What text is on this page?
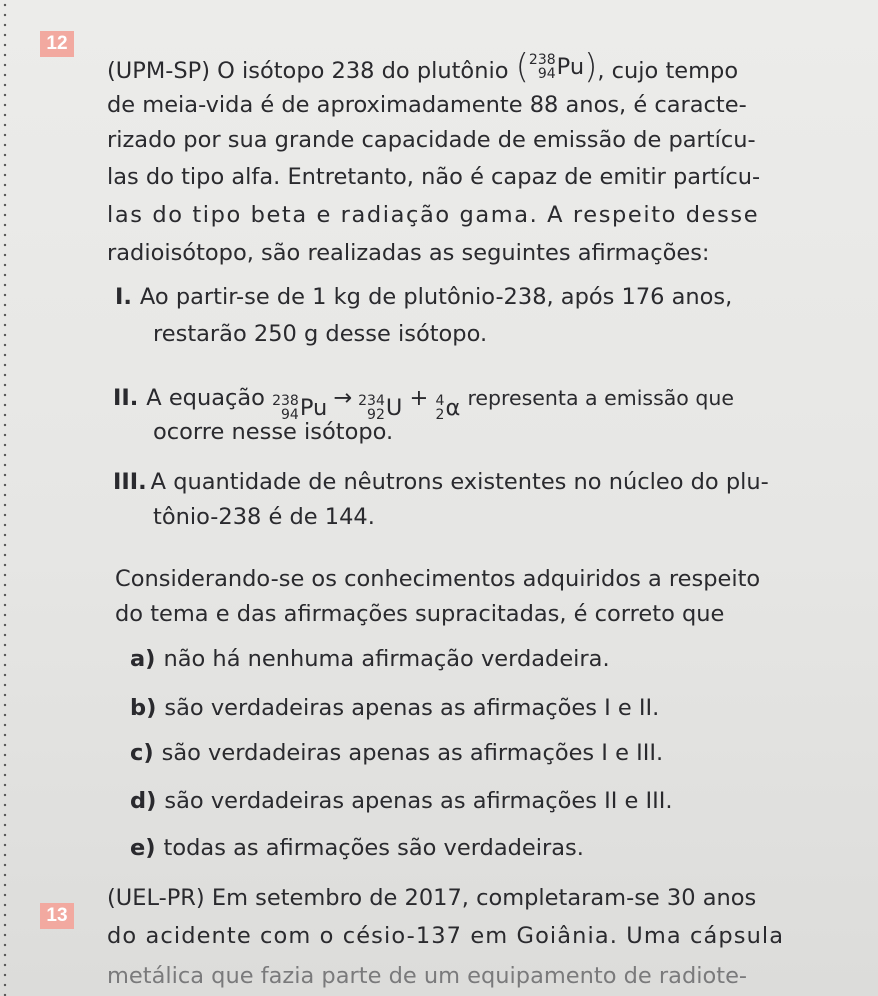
12
(UPM-SP) O isótopo 238 do plutônio ( 238
94 Pu ) , cujo tempo
de meia-vida é de aproximadamente 88 anos, é caracte-
rizado por sua grande capacidade de emissão de partícu-
las do tipo alfa. Entretanto, não é capaz de emitir partícu-
las do tipo beta e radiação gama. A respeito desse
radioisótopo, são realizadas as seguintes afirmações:
I. Ao partir-se de 1 kg de plutônio-238, após 176 anos,
restarão 250 g desse isótopo.
II. A equação 238
94 Pu → 234
92 U + 4
2 α representa a emissão que
ocorre nesse isótopo.
III. A quantidade de nêutrons existentes no núcleo do plu-
tônio-238 é de 144.
Considerando-se os conhecimentos adquiridos a respeito
do tema e das afirmações supracitadas, é correto que
a) não há nenhuma afirmação verdadeira.
b) são verdadeiras apenas as afirmações I e II.
c) são verdadeiras apenas as afirmações I e III.
d) são verdadeiras apenas as afirmações II e III.
e) todas as afirmações são verdadeiras.
13
(UEL-PR) Em setembro de 2017, completaram-se 30 anos
do acidente com o césio-137 em Goiânia. Uma cápsula
metálica que fazia parte de um equipamento de radiote-
